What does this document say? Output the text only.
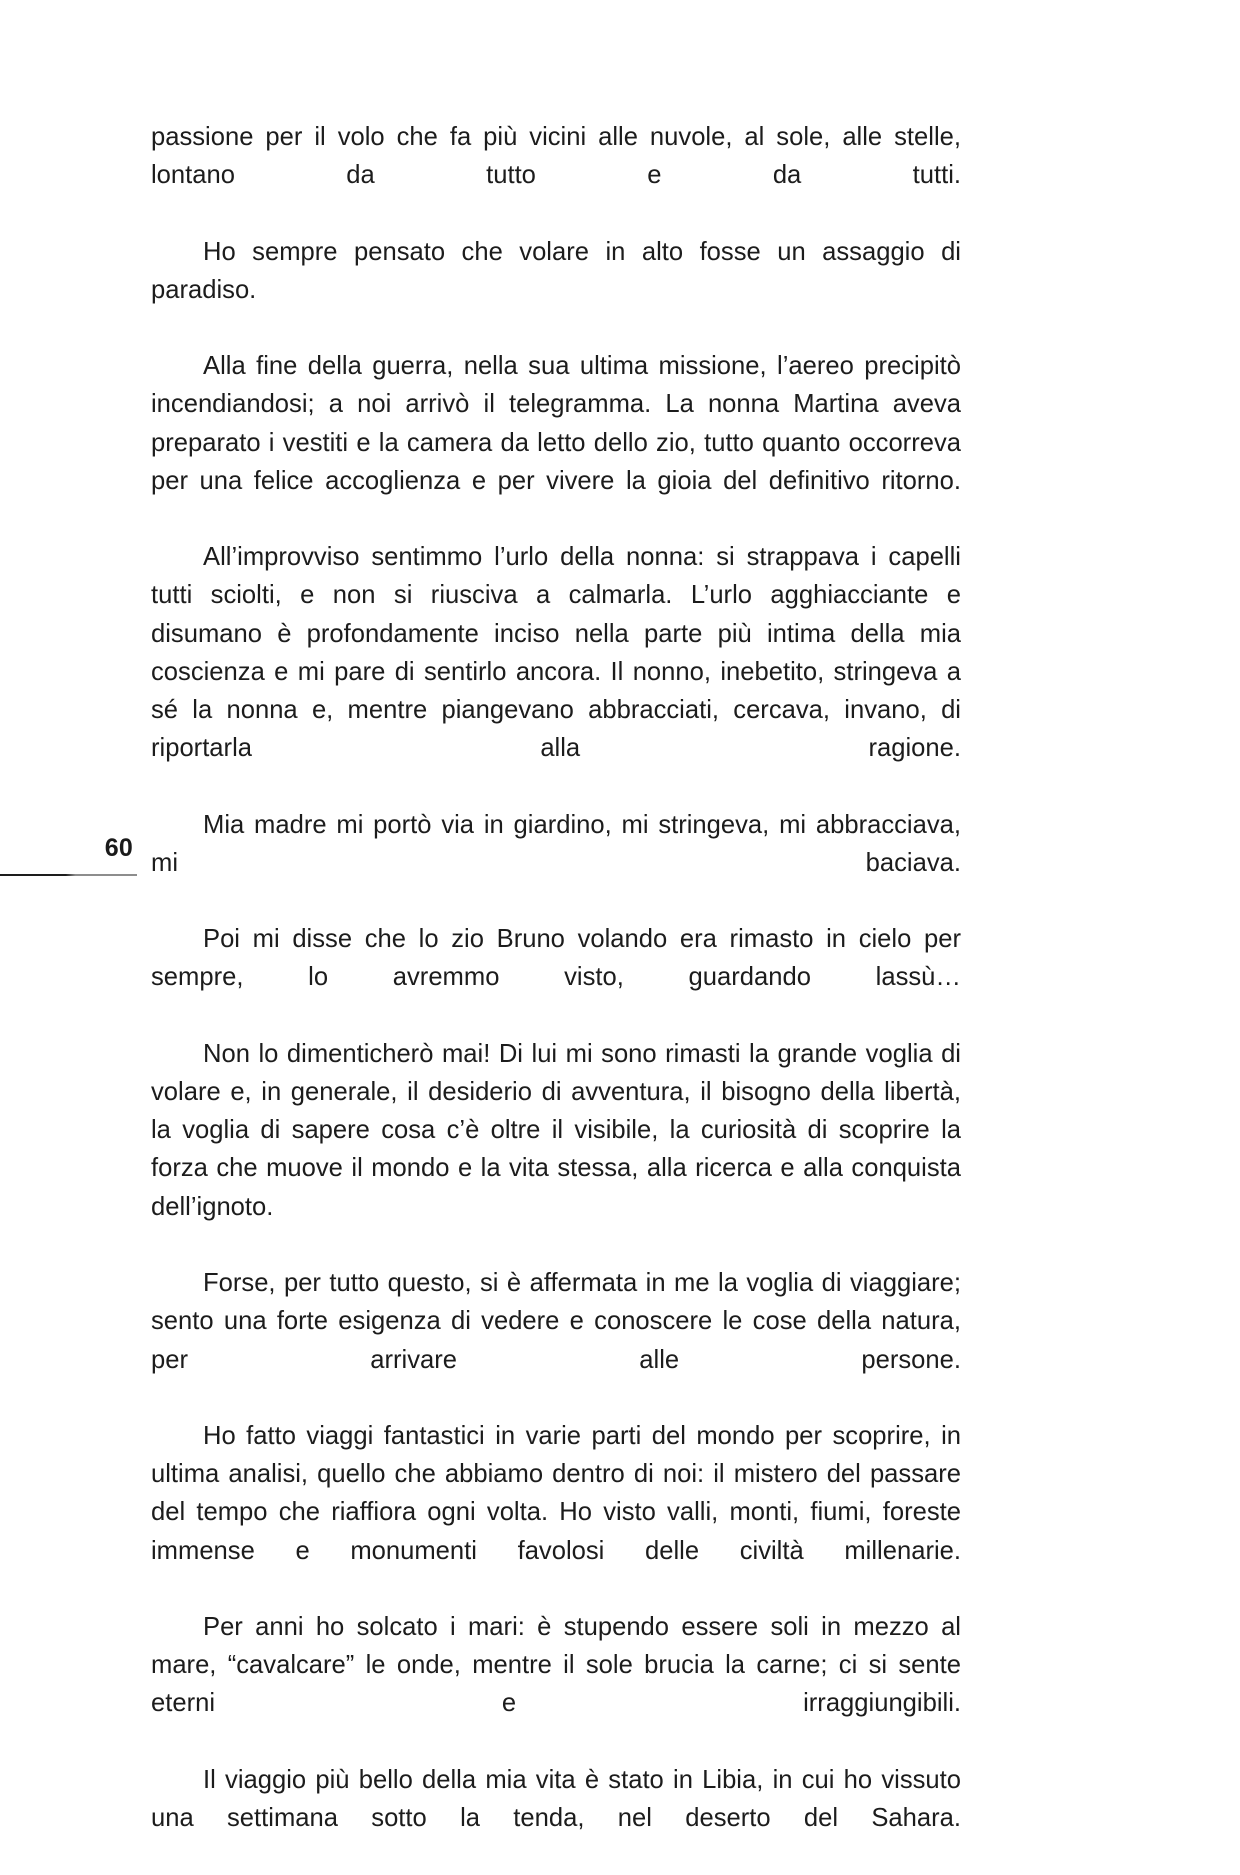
60

passione per il volo che fa più vicini alle nuvole, al sole, alle stelle, lontano da tutto e da tutti.

Ho sempre pensato che volare in alto fosse un assaggio di paradiso.

Alla fine della guerra, nella sua ultima missione, l’aereo precipitò incendiandosi; a noi arrivò il telegramma. La nonna Martina aveva preparato i vestiti e la camera da letto dello zio, tutto quanto occorreva per una felice accoglienza e per vivere la gioia del definitivo ritorno.

All’improvviso sentimmo l’urlo della nonna: si strappava i capelli tutti sciolti, e non si riusciva a calmarla. L’urlo agghiacciante e disumano è profondamente inciso nella parte più intima della mia coscienza e mi pare di sentirlo ancora. Il nonno, inebetito, stringeva a sé la nonna e, mentre piangevano abbracciati, cercava, invano, di riportarla alla ragione.

Mia madre mi portò via in giardino, mi stringeva, mi abbracciava, mi baciava.

Poi mi disse che lo zio Bruno volando era rimasto in cielo per sempre, lo avremmo visto, guardando lassù…

Non lo dimenticherò mai! Di lui mi sono rimasti la grande voglia di volare e, in generale, il desiderio di avventura, il bisogno della libertà, la voglia di sapere cosa c’è oltre il visibile, la curiosità di scoprire la forza che muove il mondo e la vita stessa, alla ricerca e alla conquista dell’ignoto.

Forse, per tutto questo, si è affermata in me la voglia di viaggiare; sento una forte esigenza di vedere e conoscere le cose della natura, per arrivare alle persone.

Ho fatto viaggi fantastici in varie parti del mondo per scoprire, in ultima analisi, quello che abbiamo dentro di noi: il mistero del passare del tempo che riaffiora ogni volta. Ho visto valli, monti, fiumi, foreste immense e monumenti favolosi delle civiltà millenarie.

Per anni ho solcato i mari: è stupendo essere soli in mezzo al mare, “cavalcare” le onde, mentre il sole brucia la carne; ci si sente eterni e irraggiungibili.

Il viaggio più bello della mia vita è stato in Libia, in cui ho vissuto una settimana sotto la tenda, nel deserto del Sahara.
